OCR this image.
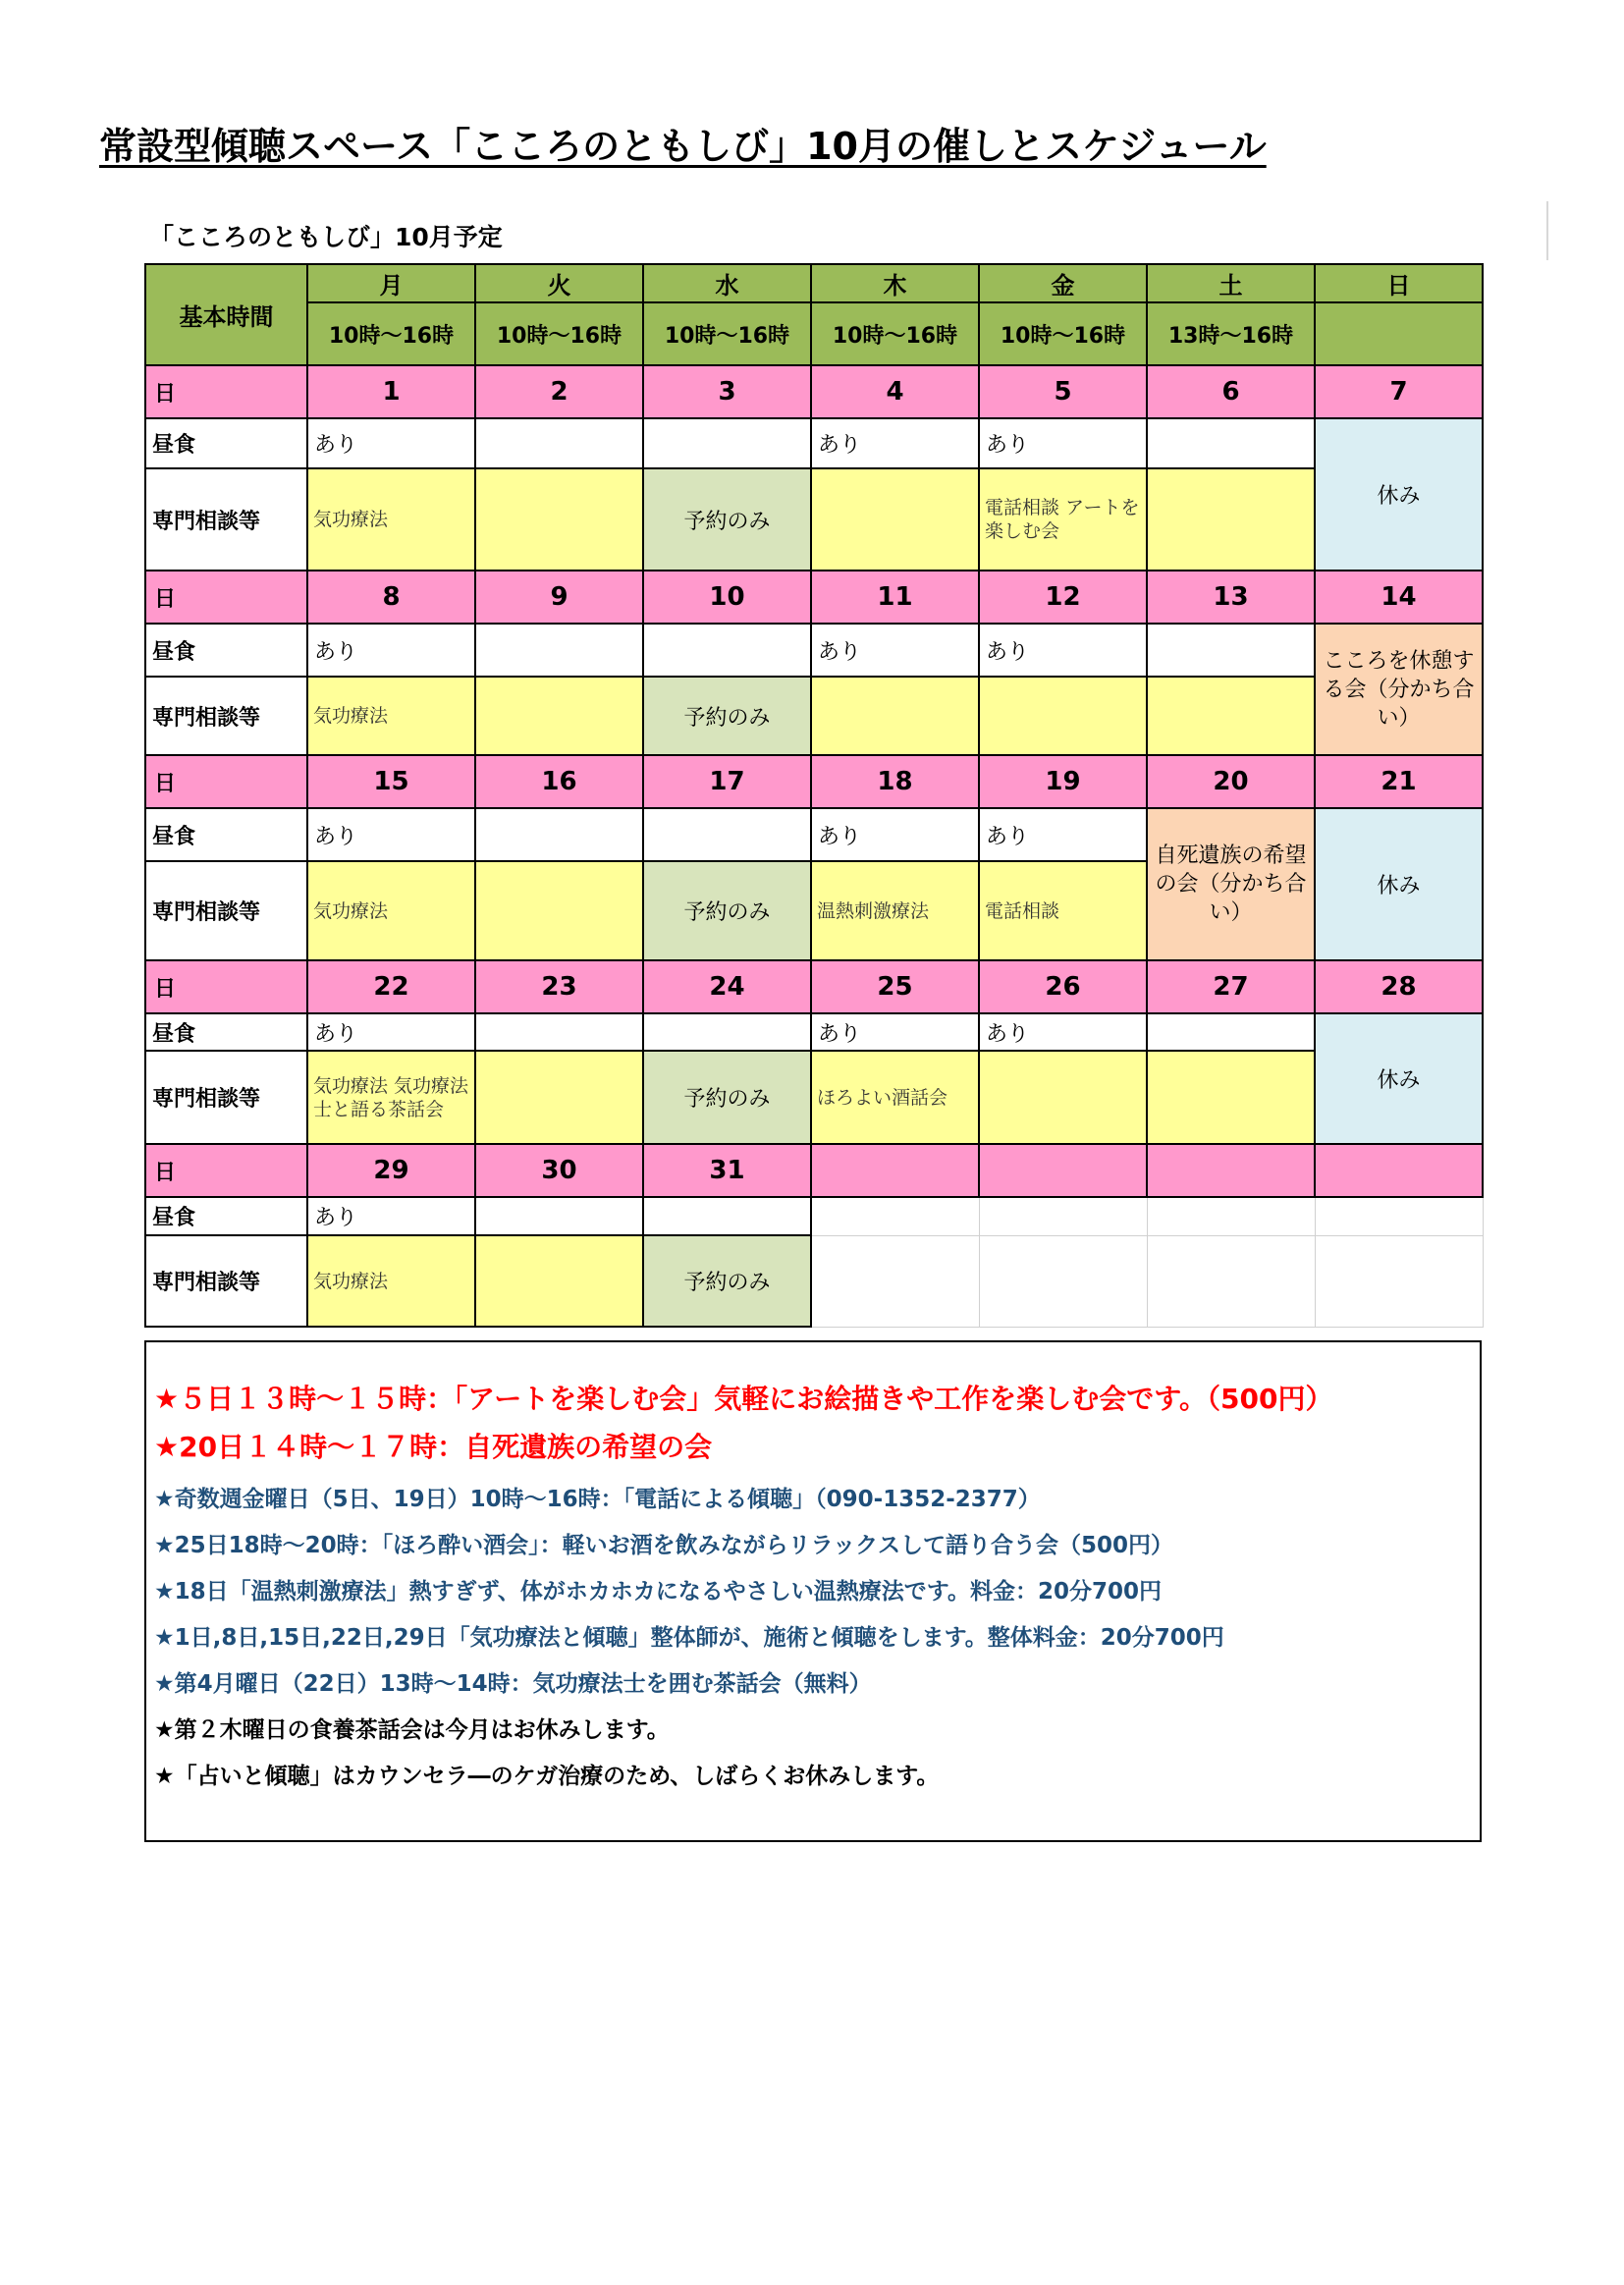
常設型傾聴スペース「こころのともしび」10月の催しとスケジュール
「こころのともしび」10月予定
基本時間	月	火	水	木	金	土	日
	10時～16時	10時～16時	10時～16時	10時～16時	10時～16時	13時～16時	
日	1	2	3	4	5	6	7
昼食	あり			あり	あり		休み
専門相談等	気功療法		予約のみ		電話相談 アートを楽しむ会		
日	8	9	10	11	12	13	14
昼食	あり			あり	あり		こころを休憩する会（分かち合い）
専門相談等	気功療法		予約のみ				
日	15	16	17	18	19	20	21
昼食	あり			あり	あり	自死遺族の希望の会（分かち合い）	休み
専門相談等	気功療法		予約のみ	温熱刺激療法	電話相談		
日	22	23	24	25	26	27	28
昼食	あり			あり	あり		休み
専門相談等	気功療法 気功療法士と語る茶話会		予約のみ	ほろよい酒話会			
日	29	30	31				
昼食	あり						
専門相談等	気功療法		予約のみ				
★５日１３時～１５時：「アートを楽しむ会」気軽にお絵描きや工作を楽しむ会です。（500円）
★20日１４時～１７時：自死遺族の希望の会
★奇数週金曜日（5日、19日）10時～16時：「電話による傾聴」（090-1352-2377）
★25日18時～20時：「ほろ酔い酒会」：軽いお酒を飲みながらリラックスして語り合う会（500円）
★18日「温熱刺激療法」熱すぎず、体がホカホカになるやさしい温熱療法です。料金：20分700円
★1日,8日,15日,22日,29日「気功療法と傾聴」整体師が、施術と傾聴をします。整体料金：20分700円
★第4月曜日（22日）13時～14時：気功療法士を囲む茶話会（無料）
★第２木曜日の食養茶話会は今月はお休みします。
★「占いと傾聴」はカウンセラ―のケガ治療のため、しばらくお休みします。
